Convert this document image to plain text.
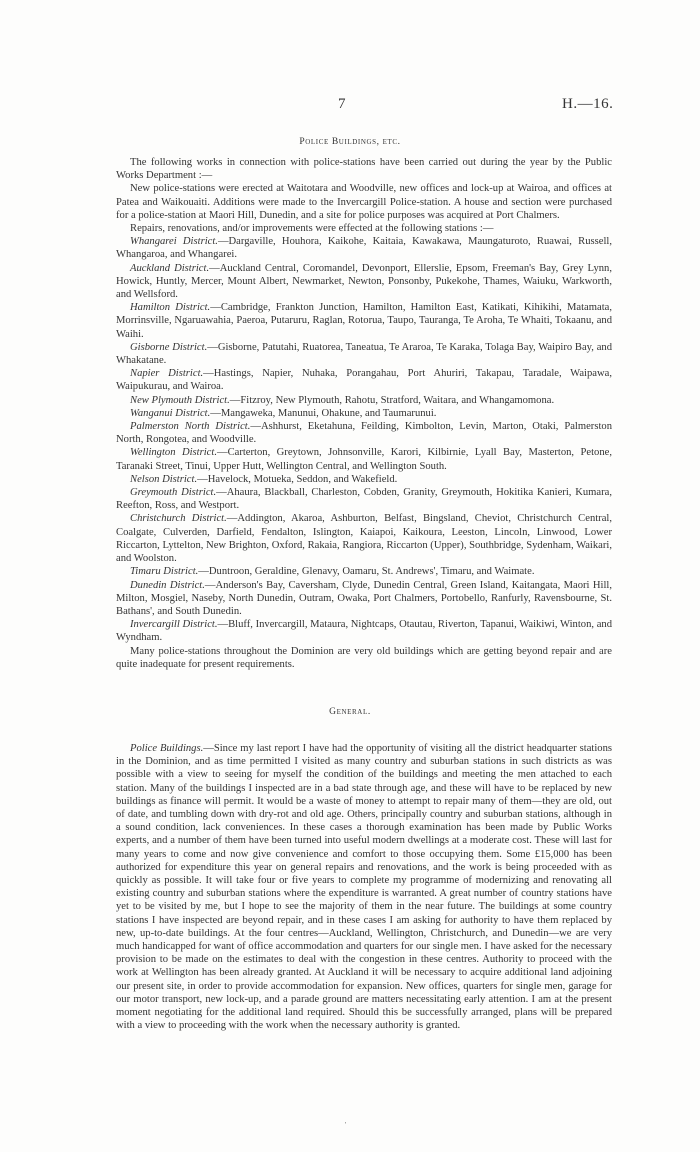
7	H.—16.
Police Buildings, etc.

The following works in connection with police-stations have been carried out during the year by the Public Works Department :—

New police-stations were erected at Waitotara and Woodville, new offices and lock-up at Wairoa, and offices at Patea and Waikouaiti. Additions were made to the Invercargill Police-station. A house and section were purchased for a police-station at Maori Hill, Dunedin, and a site for police purposes was acquired at Port Chalmers.

Repairs, renovations, and/or improvements were effected at the following stations :—

Whangarei District.—Dargaville, Houhora, Kaikohe, Kaitaia, Kawakawa, Maungaturoto, Ruawai, Russell, Whangaroa, and Whangarei.

Auckland District.—Auckland Central, Coromandel, Devonport, Ellerslie, Epsom, Freeman's Bay, Grey Lynn, Howick, Huntly, Mercer, Mount Albert, Newmarket, Newton, Ponsonby, Pukekohe, Thames, Waiuku, Warkworth, and Wellsford.

Hamilton District.—Cambridge, Frankton Junction, Hamilton, Hamilton East, Katikati, Kihikihi, Matamata, Morrinsville, Ngaruawahia, Paeroa, Putaruru, Raglan, Rotorua, Taupo, Tauranga, Te Aroha, Te Whaiti, Tokaanu, and Waihi.

Gisborne District.—Gisborne, Patutahi, Ruatorea, Taneatua, Te Araroa, Te Karaka, Tolaga Bay, Waipiro Bay, and Whakatane.

Napier District.—Hastings, Napier, Nuhaka, Porangahau, Port Ahuriri, Takapau, Taradale, Waipawa, Waipukurau, and Wairoa.

New Plymouth District.—Fitzroy, New Plymouth, Rahotu, Stratford, Waitara, and Whangamomona.

Wanganui District.—Mangaweka, Manunui, Ohakune, and Taumarunui.

Palmerston North District.—Ashhurst, Eketahuna, Feilding, Kimbolton, Levin, Marton, Otaki, Palmerston North, Rongotea, and Woodville.

Wellington District.—Carterton, Greytown, Johnsonville, Karori, Kilbirnie, Lyall Bay, Masterton, Petone, Taranaki Street, Tinui, Upper Hutt, Wellington Central, and Wellington South.

Nelson District.—Havelock, Motueka, Seddon, and Wakefield.

Greymouth District.—Ahaura, Blackball, Charleston, Cobden, Granity, Greymouth, Hokitika Kanieri, Kumara, Reefton, Ross, and Westport.

Christchurch District.—Addington, Akaroa, Ashburton, Belfast, Bingsland, Cheviot, Christchurch Central, Coalgate, Culverden, Darfield, Fendalton, Islington, Kaiapoi, Kaikoura, Leeston, Lincoln, Linwood, Lower Riccarton, Lyttelton, New Brighton, Oxford, Rakaia, Rangiora, Riccarton (Upper), Southbridge, Sydenham, Waikari, and Woolston.

Timaru District.—Duntroon, Geraldine, Glenavy, Oamaru, St. Andrews', Timaru, and Waimate.

Dunedin District.—Anderson's Bay, Caversham, Clyde, Dunedin Central, Green Island, Kaitangata, Maori Hill, Milton, Mosgiel, Naseby, North Dunedin, Outram, Owaka, Port Chalmers, Portobello, Ranfurly, Ravensbourne, St. Bathans', and South Dunedin.

Invercargill District.—Bluff, Invercargill, Mataura, Nightcaps, Otautau, Riverton, Tapanui, Waikiwi, Winton, and Wyndham.

Many police-stations throughout the Dominion are very old buildings which are getting beyond repair and are quite inadequate for present requirements.

General.

Police Buildings.—Since my last report I have had the opportunity of visiting all the district headquarter stations in the Dominion, and as time permitted I visited as many country and suburban stations in such districts as was possible with a view to seeing for myself the condition of the buildings and meeting the men attached to each station. Many of the buildings I inspected are in a bad state through age, and these will have to be replaced by new buildings as finance will permit. It would be a waste of money to attempt to repair many of them—they are old, out of date, and tumbling down with dry-rot and old age. Others, principally country and suburban stations, although in a sound condition, lack conveniences. In these cases a thorough examination has been made by Public Works experts, and a number of them have been turned into useful modern dwellings at a moderate cost. These will last for many years to come and now give convenience and comfort to those occupying them. Some £15,000 has been authorized for expenditure this year on general repairs and renovations, and the work is being proceeded with as quickly as possible. It will take four or five years to complete my programme of modernizing and renovating all existing country and suburban stations where the expenditure is warranted. A great number of country stations have yet to be visited by me, but I hope to see the majority of them in the near future. The buildings at some country stations I have inspected are beyond repair, and in these cases I am asking for authority to have them replaced by new, up-to-date buildings. At the four centres—Auckland, Wellington, Christchurch, and Dunedin—we are very much handicapped for want of office accommodation and quarters for our single men. I have asked for the necessary provision to be made on the estimates to deal with the congestion in these centres. Authority to proceed with the work at Wellington has been already granted. At Auckland it will be necessary to acquire additional land adjoining our present site, in order to provide accommodation for expansion. New offices, quarters for single men, garage for our motor transport, new lock-up, and a parade ground are matters necessitating early attention. I am at the present moment negotiating for the additional land required. Should this be successfully arranged, plans will be prepared with a view to proceeding with the work when the necessary authority is granted.

'
